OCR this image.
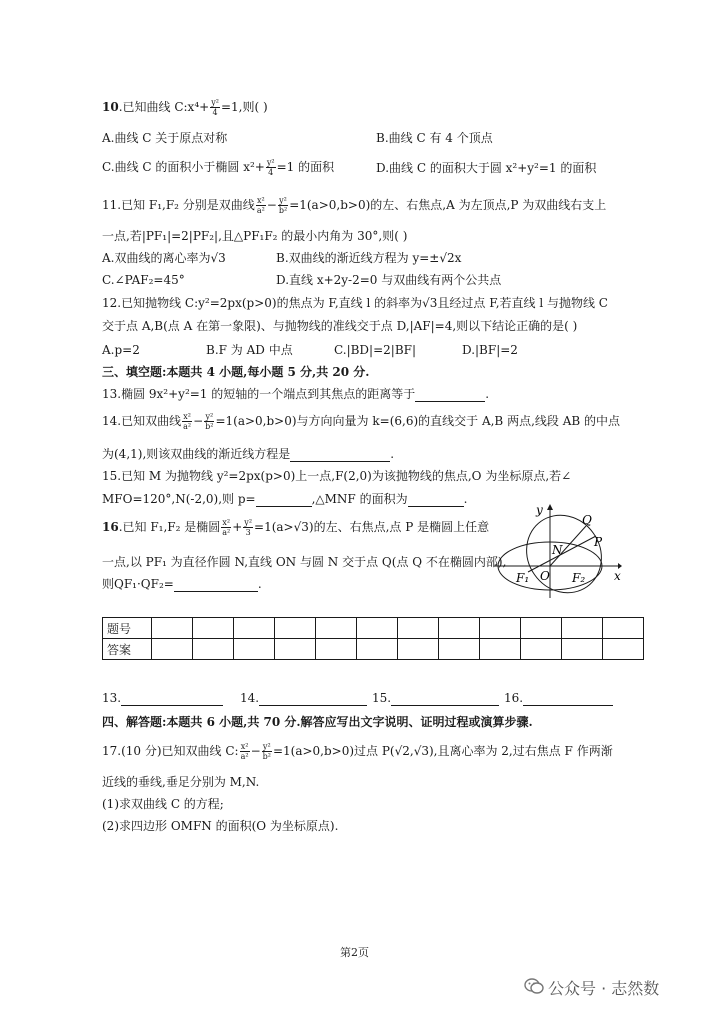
10.已知曲线 C:x⁴+ $\frac{\text{y²}}{4} =1$,则( )
A.曲线 C 关于原点对称	B.曲线 C 有 4 个顶点
C.曲线 C 的面积小于椭圆 $x^2+ \frac{\text{y²}}{4} =1$ 的面积	D.曲线 C 的面积大于圆 x²+y²=1 的面积
11.已知 F₁,F₂ 分别是双曲线 $\frac{\text{x²}}{\text{a²}} - \frac{\text{y²}}{\text{b²}} =1(a>0,b>0)$的左、右焦点,A 为左顶点,P 为双曲线右支上
一点,若|PF₁|=2|PF₂|,且△PF₁F₂ 的最小内角为 30°,则( )
A.双曲线的离心率为√3	B.双曲线的渐近线方程为 y=±√2x
C.∠PAF₂=45°	D.直线 x+2y-2=0 与双曲线有两个公共点
12.已知抛物线 C:y²=2px(p>0)的焦点为 F,直线 l 的斜率为√3且经过点 F,若直线 l 与抛物线 C
交于点 A,B(点 A 在第一象限)、与抛物线的准线交于点 D,|AF|=4,则以下结论正确的是( )
A.p=2	B.F 为 AD 中点	C.|BD|=2|BF|	D.|BF|=2
三、填空题:本题共 4 小题,每小题 5 分,共 20 分.
13.椭圆 9x²+y²=1 的短轴的一个端点到其焦点的距离等于	.
14.已知双曲线 $\frac{\text{x²}}{\text{a²}} - \frac{\text{y²}}{\text{b²}} =1(a>0,b>0)$与方向向量为 k=(6,6)的直线交于 A,B 两点,线段 AB 的中点
为(4,1),则该双曲线的渐近线方程是	.
15.已知 M 为抛物线 y²=2px(p>0)上一点,F(2,0)为该抛物线的焦点,O 为坐标原点,若∠
MFO=120°,N(-2,0),则 p=	,△MNF 的面积为	.
16.已知 F₁,F₂ 是椭圆 $\frac{\text{x²}}{\text{a²}} + \frac{\text{y²}}{3} =1(a>√3)$的左、右焦点,点 P 是椭圆上任意
一点,以 PF₁ 为直径作圆 N,直线 ON 与圆 N 交于点 Q(点 Q 不在椭圆内部),
则QF₁·QF₂=	.
y
x
Q
P
N
O
F₁	F₂
题号												
答案												
13.	14.	15.	16.
四、解答题:本题共 6 小题,共 70 分.解答应写出文字说明、证明过程或演算步骤.
17.(10 分)已知双曲线 C: $\frac{\text{x²}}{\text{a²}} - \frac{\text{y²}}{\text{b²}} =1(a>0,b>0)$过点 P(√2,√3),且离心率为 2,过右焦点 F 作两渐
近线的垂线,垂足分别为 M,N.
(1)求双曲线 C 的方程;
(2)求四边形 OMFN 的面积(O 为坐标原点).
第2页
公众号 · 志然数
